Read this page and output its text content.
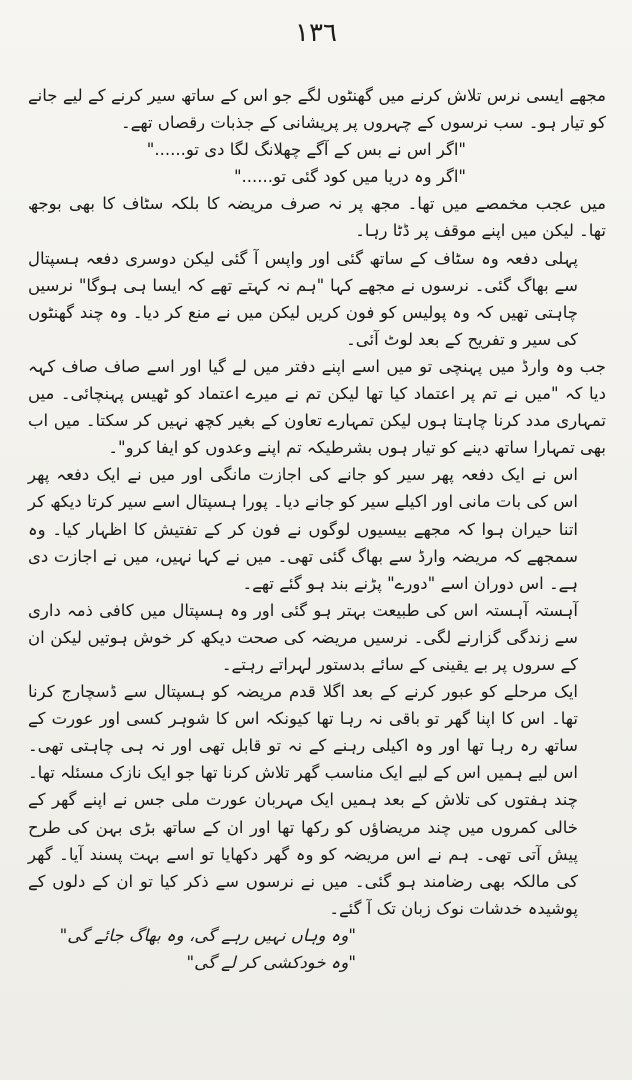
١٣٦

مجھے ایسی نرس تلاش کرنے میں گھنٹوں لگے جو اس کے ساتھ سیر کرنے کے لیے جانے کو تیار ہو۔ سب نرسوں کے چہروں پر پریشانی کے جذبات رقصاں تھے۔

"اگر اس نے بس کے آگے چھلانگ لگا دی تو......"

"اگر وہ دریا میں کود گئی تو......"

میں عجب مخمصے میں تھا۔ مجھ پر نہ صرف مریضہ کا بلکہ سٹاف کا بھی بوجھ تھا۔ لیکن میں اپنے موقف پر ڈٹا رہا۔

پہلی دفعہ وہ سٹاف کے ساتھ گئی اور واپس آ گئی لیکن دوسری دفعہ ہسپتال سے بھاگ گئی۔ نرسوں نے مجھے کہا "ہم نہ کہتے تھے کہ ایسا ہی ہوگا" نرسیں چاہتی تھیں کہ وہ پولیس کو فون کریں لیکن میں نے منع کر دیا۔ وہ چند گھنٹوں کی سیر و تفریح کے بعد لوٹ آئی۔

جب وہ وارڈ میں پہنچی تو میں اسے اپنے دفتر میں لے گیا اور اسے صاف صاف کہہ دیا کہ "میں نے تم پر اعتماد کیا تھا لیکن تم نے میرے اعتماد کو ٹھیس پہنچائی۔ میں تمہاری مدد کرنا چاہتا ہوں لیکن تمہارے تعاون کے بغیر کچھ نہیں کر سکتا۔ میں اب بھی تمہارا ساتھ دینے کو تیار ہوں بشرطیکہ تم اپنے وعدوں کو ایفا کرو"۔

اس نے ایک دفعہ پھر سیر کو جانے کی اجازت مانگی اور میں نے ایک دفعہ پھر اس کی بات مانی اور اکیلے سیر کو جانے دیا۔ پورا ہسپتال اسے سیر کرتا دیکھ کر اتنا حیران ہوا کہ مجھے بیسیوں لوگوں نے فون کر کے تفتیش کا اظہار کیا۔ وہ سمجھے کہ مریضہ وارڈ سے بھاگ گئی تھی۔ میں نے کہا نہیں، میں نے اجازت دی ہے۔ اس دوران اسے "دورے" پڑنے بند ہو گئے تھے۔

آہستہ آہستہ اس کی طبیعت بہتر ہو گئی اور وہ ہسپتال میں کافی ذمہ داری سے زندگی گزارنے لگی۔ نرسیں مریضہ کی صحت دیکھ کر خوش ہوتیں لیکن ان کے سروں پر بے یقینی کے سائے بدستور لہراتے رہتے۔

ایک مرحلے کو عبور کرنے کے بعد اگلا قدم مریضہ کو ہسپتال سے ڈسچارج کرنا تھا۔ اس کا اپنا گھر تو باقی نہ رہا تھا کیونکہ اس کا شوہر کسی اور عورت کے ساتھ رہ رہا تھا اور وہ اکیلی رہنے کے نہ تو قابل تھی اور نہ ہی چاہتی تھی۔ اس لیے ہمیں اس کے لیے ایک مناسب گھر تلاش کرنا تھا جو ایک نازک مسئلہ تھا۔ چند ہفتوں کی تلاش کے بعد ہمیں ایک مہربان عورت ملی جس نے اپنے گھر کے خالی کمروں میں چند مریضاؤں کو رکھا تھا اور ان کے ساتھ بڑی بہن کی طرح پیش آتی تھی۔ ہم نے اس مریضہ کو وہ گھر دکھایا تو اسے بہت پسند آیا۔ گھر کی مالکہ بھی رضامند ہو گئی۔ میں نے نرسوں سے ذکر کیا تو ان کے دلوں کے پوشیدہ خدشات نوک زبان تک آ گئے۔

"وہ وہاں نہیں رہے گی، وہ بھاگ جائے گی"

"وہ خودکشی کر لے گی"
